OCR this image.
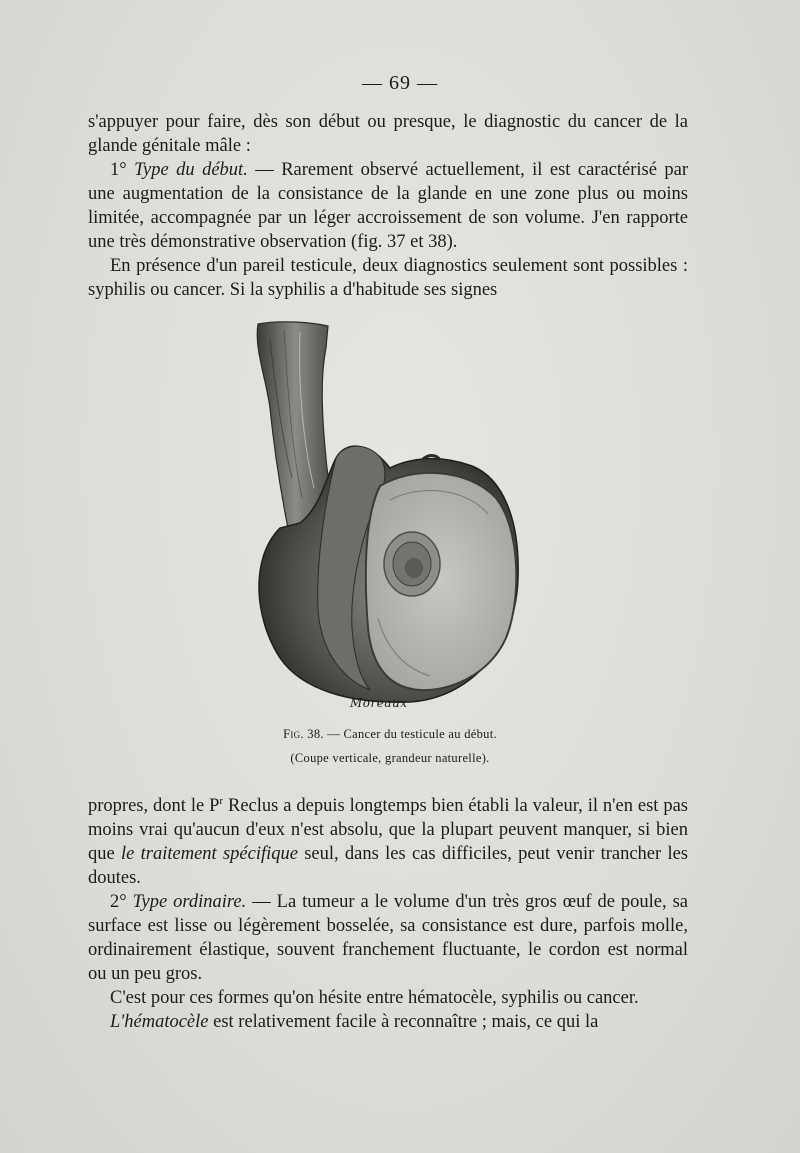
— 69 —

s'appuyer pour faire, dès son début ou presque, le diagnostic du cancer de la glande génitale mâle :

1° Type du début. — Rarement observé actuellement, il est caractérisé par une augmentation de la consistance de la glande en une zone plus ou moins limitée, accompagnée par un léger accroissement de son volume. J'en rapporte une très démonstrative observation (fig. 37 et 38).

En présence d'un pareil testicule, deux diagnostics seulement sont possibles : syphilis ou cancer. Si la syphilis a d'habitude ses signes

Moreaux
Fig. 38. — Cancer du testicule au début.
(Coupe verticale, grandeur naturelle).

propres, dont le $P^r$ Reclus a depuis longtemps bien établi la valeur, il n'en est pas moins vrai qu'aucun d'eux n'est absolu, que la plupart peuvent manquer, si bien que le traitement spécifique seul, dans les cas difficiles, peut venir trancher les doutes.

2° Type ordinaire. — La tumeur a le volume d'un très gros œuf de poule, sa surface est lisse ou légèrement bosselée, sa consistance est dure, parfois molle, ordinairement élastique, souvent franchement fluctuante, le cordon est normal ou un peu gros.

C'est pour ces formes qu'on hésite entre hématocèle, syphilis ou cancer.

L'hématocèle est relativement facile à reconnaître ; mais, ce qui la
